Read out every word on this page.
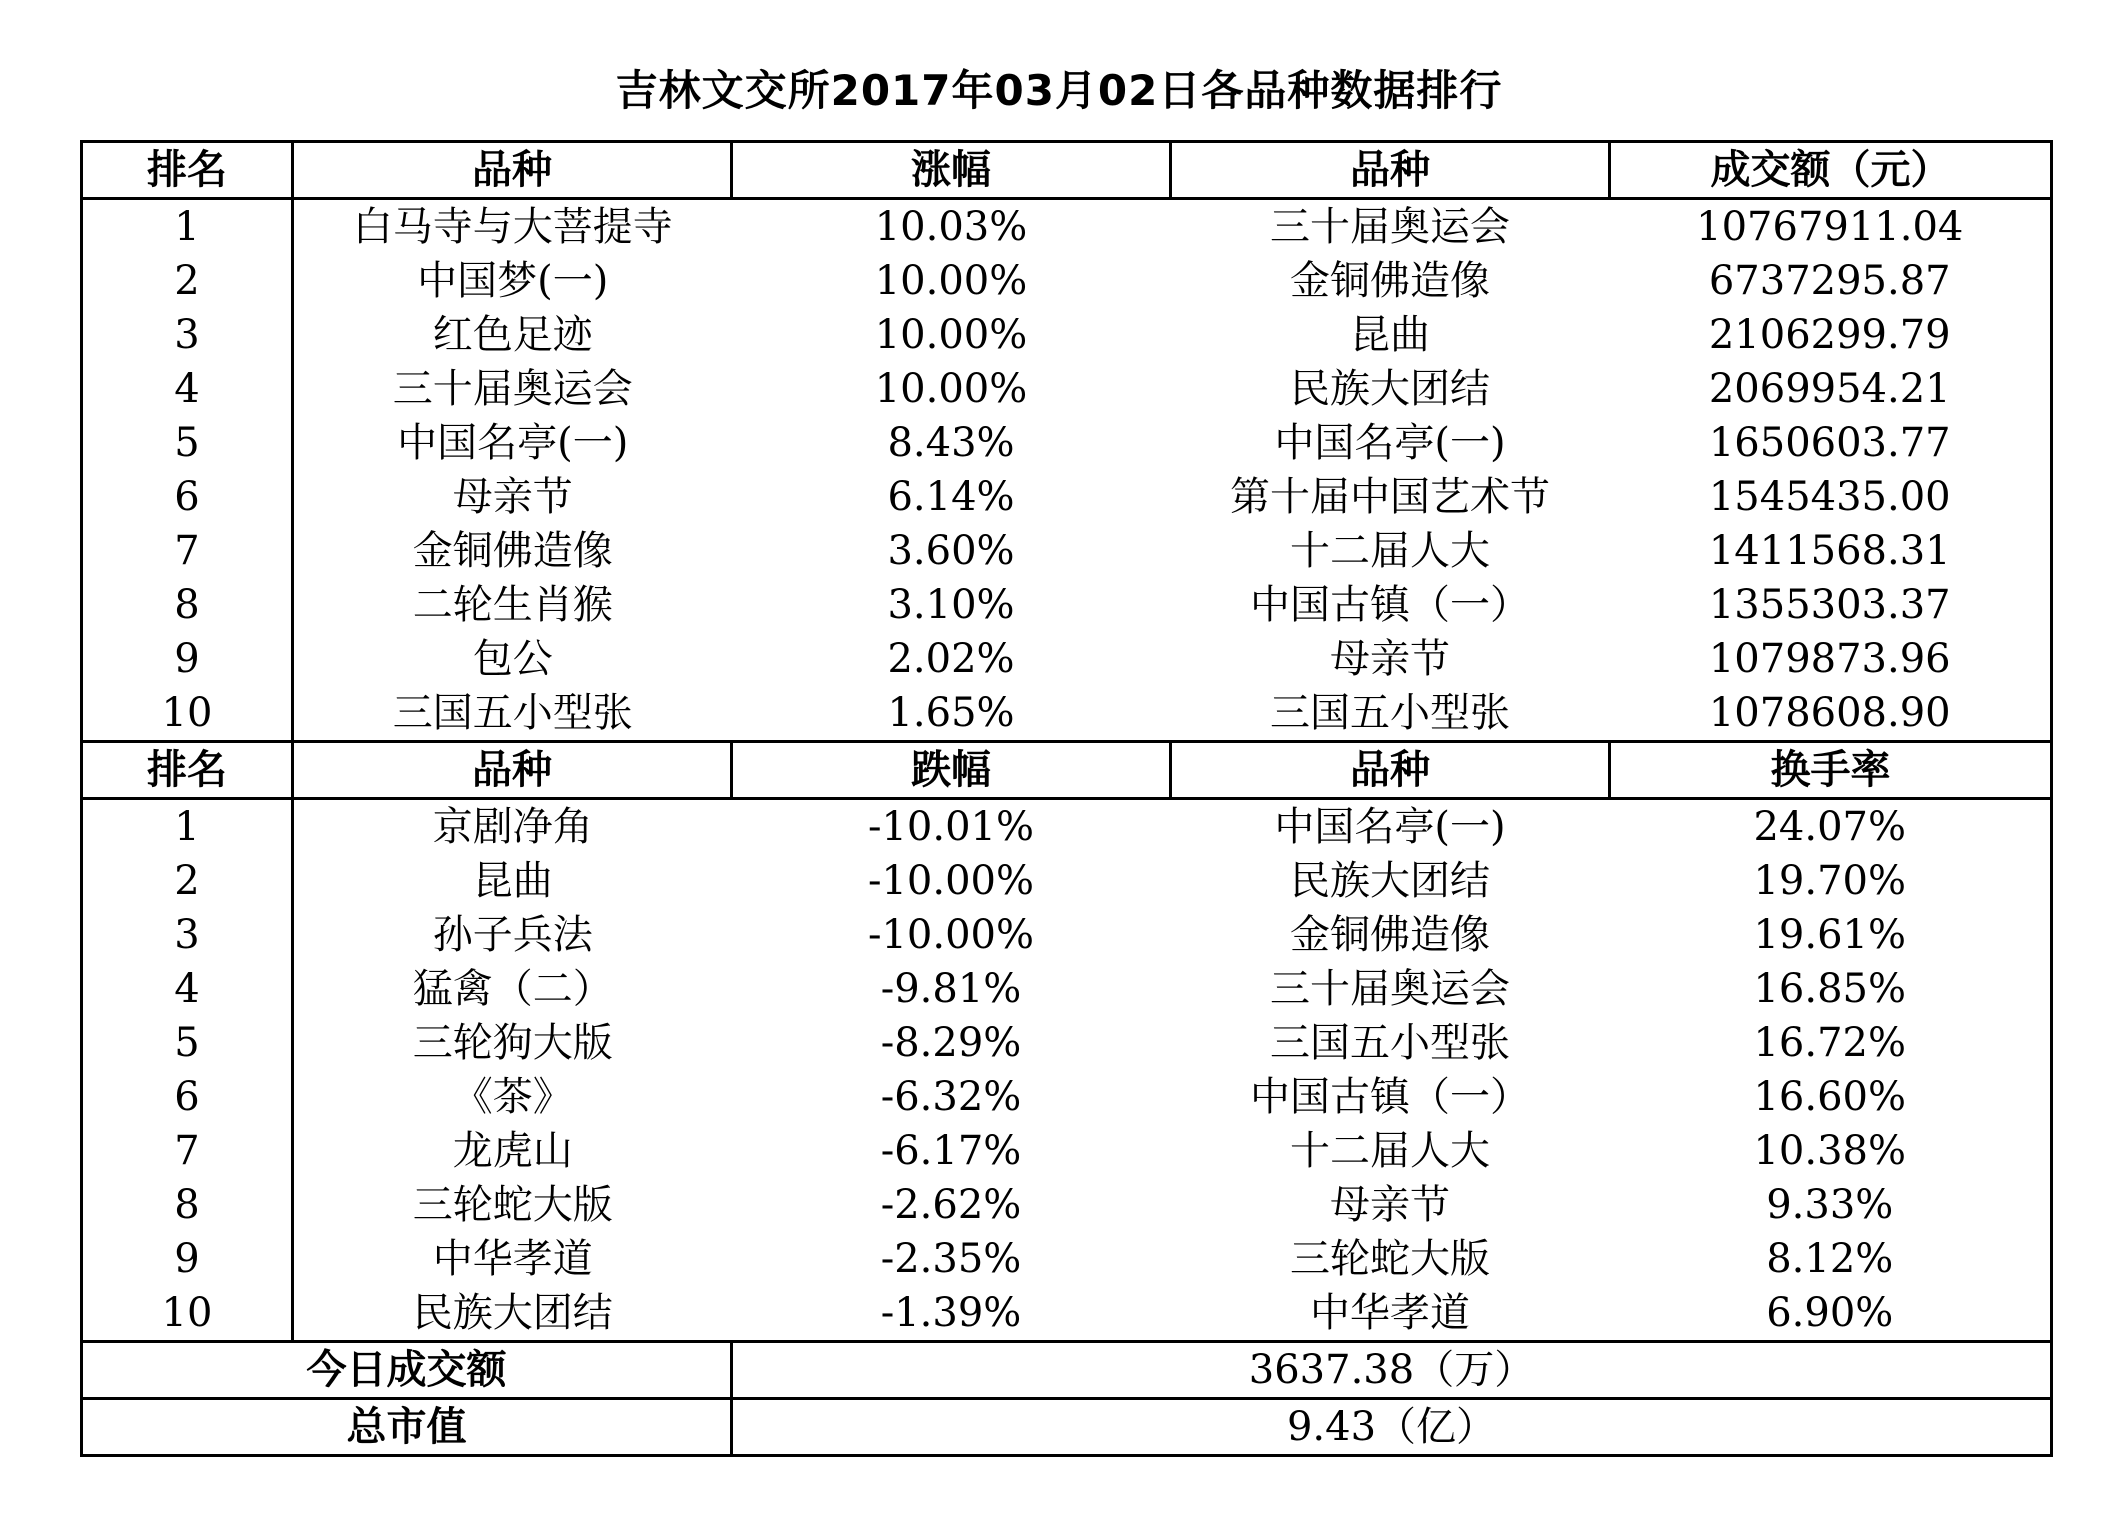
吉林文交所2017年03月02日各品种数据排行
排名	品种	涨幅	品种	成交额（元）
1	白马寺与大菩提寺	10.03%	三十届奥运会	10767911.04
2	中国梦(一)	10.00%	金铜佛造像	6737295.87
3	红色足迹	10.00%	昆曲	2106299.79
4	三十届奥运会	10.00%	民族大团结	2069954.21
5	中国名亭(一)	8.43%	中国名亭(一)	1650603.77
6	母亲节	6.14%	第十届中国艺术节	1545435.00
7	金铜佛造像	3.60%	十二届人大	1411568.31
8	二轮生肖猴	3.10%	中国古镇（一）	1355303.37
9	包公	2.02%	母亲节	1079873.96
10	三国五小型张	1.65%	三国五小型张	1078608.90
排名	品种	跌幅	品种	换手率
1	京剧净角	-10.01%	中国名亭(一)	24.07%
2	昆曲	-10.00%	民族大团结	19.70%
3	孙子兵法	-10.00%	金铜佛造像	19.61%
4	猛禽（二）	-9.81%	三十届奥运会	16.85%
5	三轮狗大版	-8.29%	三国五小型张	16.72%
6	《茶》	-6.32%	中国古镇（一）	16.60%
7	龙虎山	-6.17%	十二届人大	10.38%
8	三轮蛇大版	-2.62%	母亲节	9.33%
9	中华孝道	-2.35%	三轮蛇大版	8.12%
10	民族大团结	-1.39%	中华孝道	6.90%
今日成交额		3637.38（万）		
总市值		9.43（亿）		
